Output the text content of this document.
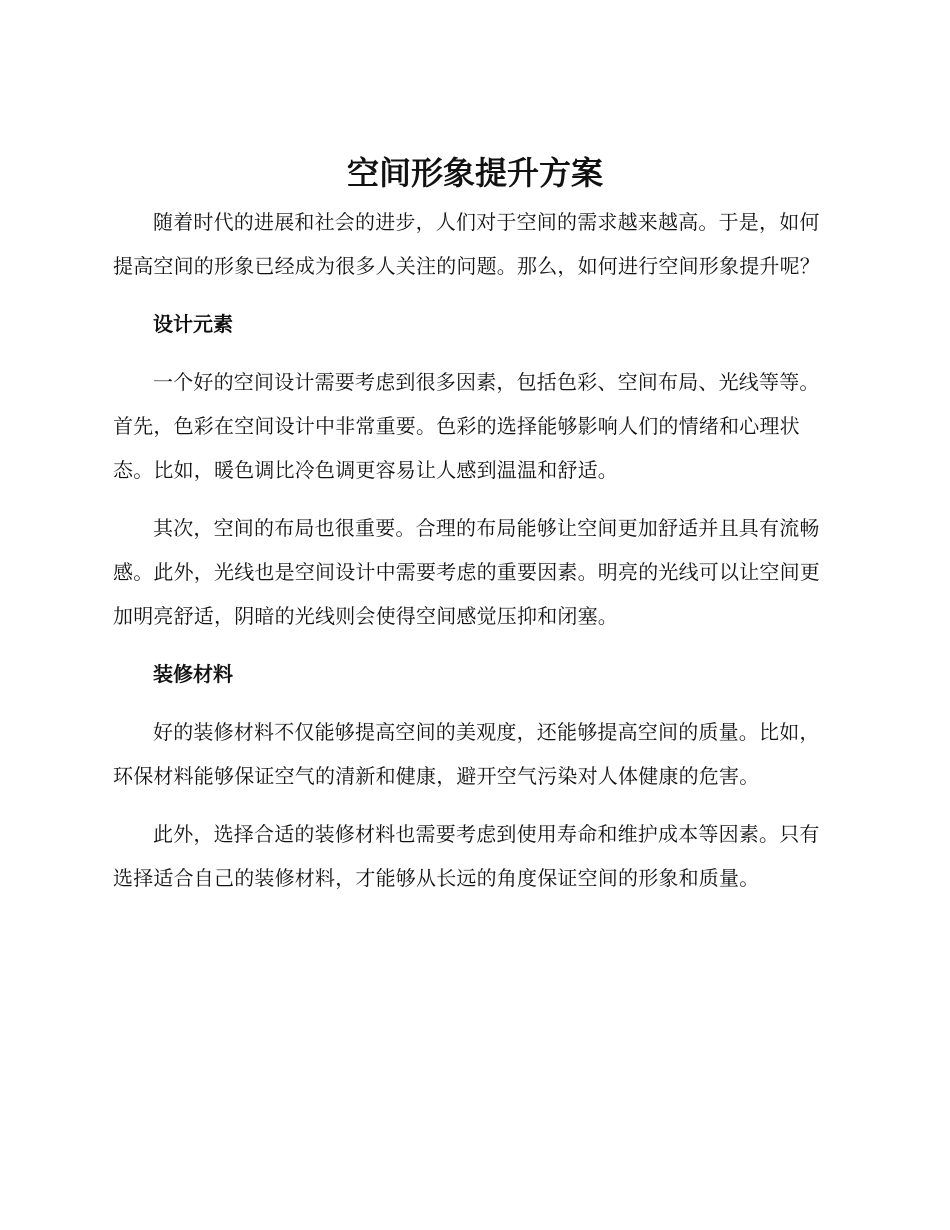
空间形象提升方案

随着时代的进展和社会的进步，人们对于空间的需求越来越高。于是，如何提高空间的形象已经成为很多人关注的问题。那么，如何进行空间形象提升呢？

设计元素

一个好的空间设计需要考虑到很多因素，包括色彩、空间布局、光线等等。首先，色彩在空间设计中非常重要。色彩的选择能够影响人们的情绪和心理状态。比如，暖色调比冷色调更容易让人感到温温和舒适。

其次，空间的布局也很重要。合理的布局能够让空间更加舒适并且具有流畅感。此外，光线也是空间设计中需要考虑的重要因素。明亮的光线可以让空间更加明亮舒适，阴暗的光线则会使得空间感觉压抑和闭塞。

装修材料

好的装修材料不仅能够提高空间的美观度，还能够提高空间的质量。比如，环保材料能够保证空气的清新和健康，避开空气污染对人体健康的危害。

此外，选择合适的装修材料也需要考虑到使用寿命和维护成本等因素。只有选择适合自己的装修材料，才能够从长远的角度保证空间的形象和质量。
